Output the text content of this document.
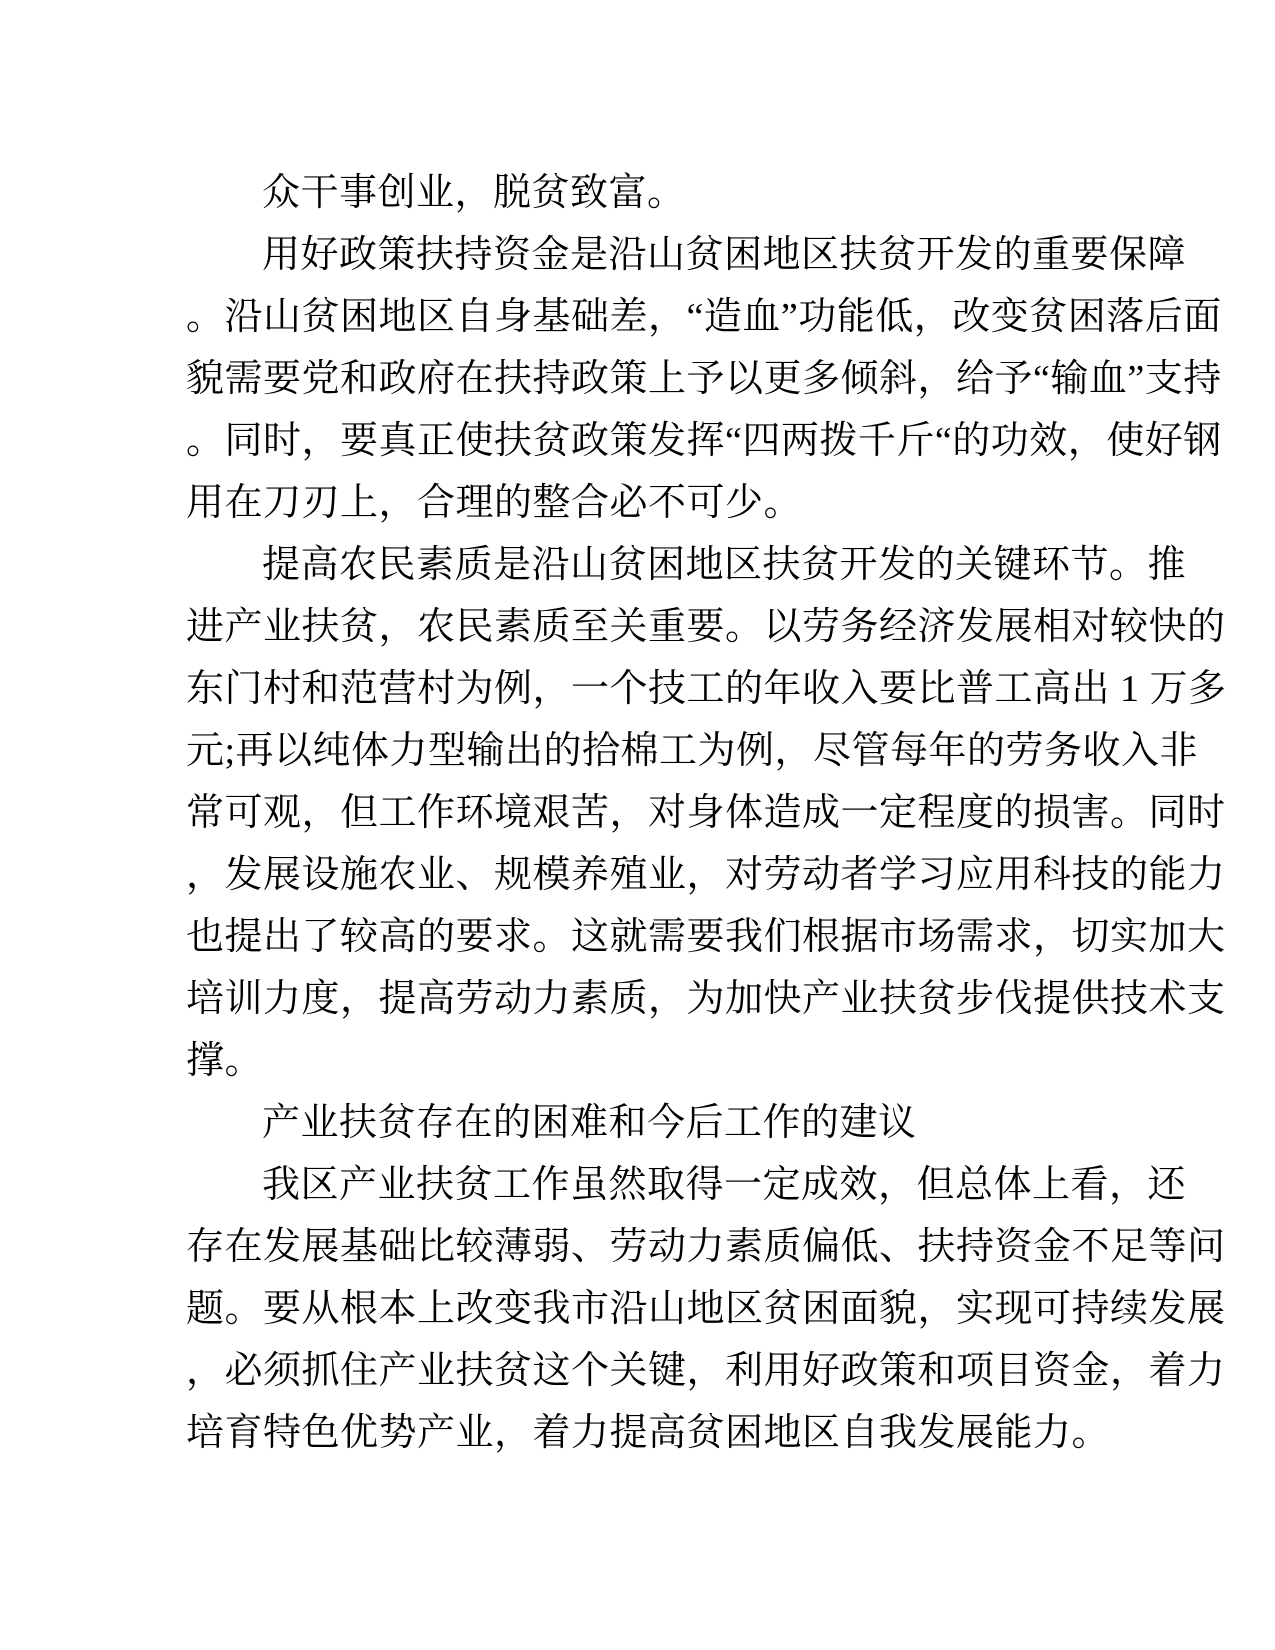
众干事创业，脱贫致富。
用好政策扶持资金是沿山贫困地区扶贫开发的重要保障
。沿山贫困地区自身基础差，“造血”功能低，改变贫困落后面
貌需要党和政府在扶持政策上予以更多倾斜，给予“输血”支持
。同时，要真正使扶贫政策发挥“四两拨千斤“的功效，使好钢
用在刀刃上，合理的整合必不可少。
提高农民素质是沿山贫困地区扶贫开发的关键环节。推
进产业扶贫，农民素质至关重要。以劳务经济发展相对较快的
东门村和范营村为例，一个技工的年收入要比普工高出 1 万多
元;再以纯体力型输出的拾棉工为例，尽管每年的劳务收入非
常可观，但工作环境艰苦，对身体造成一定程度的损害。同时
，发展设施农业、规模养殖业，对劳动者学习应用科技的能力
也提出了较高的要求。这就需要我们根据市场需求，切实加大
培训力度，提高劳动力素质，为加快产业扶贫步伐提供技术支
撑。
产业扶贫存在的困难和今后工作的建议
我区产业扶贫工作虽然取得一定成效，但总体上看，还
存在发展基础比较薄弱、劳动力素质偏低、扶持资金不足等问
题。要从根本上改变我市沿山地区贫困面貌，实现可持续发展
，必须抓住产业扶贫这个关键，利用好政策和项目资金，着力
培育特色优势产业，着力提高贫困地区自我发展能力。
